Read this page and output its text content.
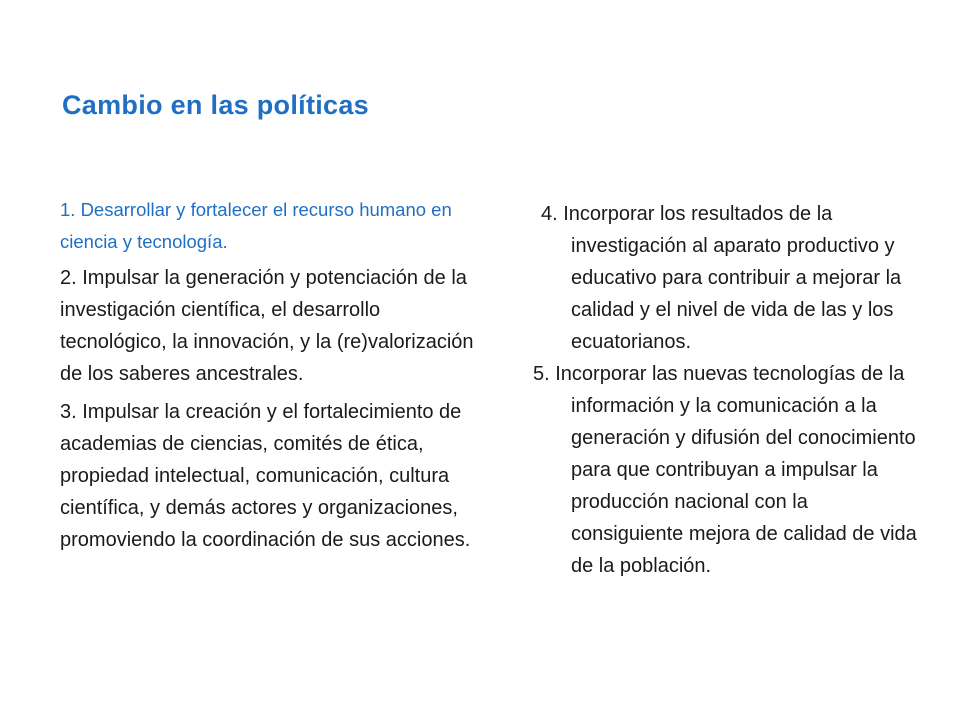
Cambio en las políticas

1. Desarrollar y fortalecer el recurso humano en ciencia y tecnología.

2. Impulsar la generación y potenciación de la investigación científica, el desarrollo tecnológico, la innovación, y la (re)valorización de los saberes ancestrales.

3. Impulsar la creación y el fortalecimiento de academias de ciencias, comités de ética, propiedad intelectual, comunicación, cultura científica, y demás actores y organizaciones, promoviendo la coordinación de sus acciones.

4. Incorporar los resultados de la investigación al aparato productivo y educativo para contribuir a mejorar la calidad y el nivel de vida de las y los ecuatorianos.

5. Incorporar las nuevas tecnologías de la información y la comunicación a la generación y difusión del conocimiento para que contribuyan a impulsar la producción nacional con la consiguiente mejora de calidad de vida de la población.
